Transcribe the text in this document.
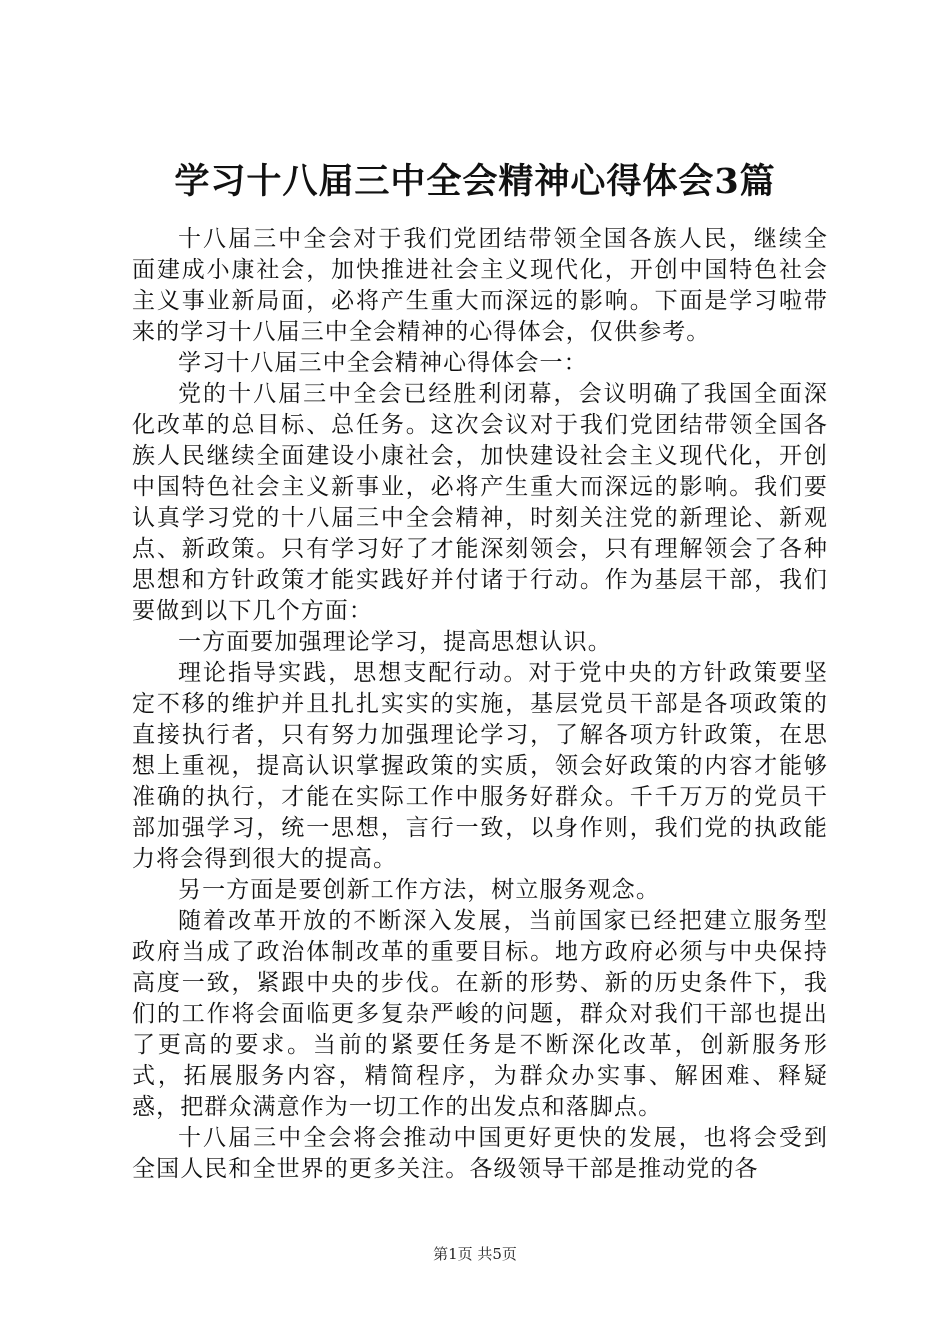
学习十八届三中全会精神心得体会3篇

十八届三中全会对于我们党团结带领全国各族人民，继续全面建成小康社会，加快推进社会主义现代化，开创中国特色社会主义事业新局面，必将产生重大而深远的影响。下面是学习啦带来的学习十八届三中全会精神的心得体会，仅供参考。

学习十八届三中全会精神心得体会一：

党的十八届三中全会已经胜利闭幕，会议明确了我国全面深化改革的总目标、总任务。这次会议对于我们党团结带领全国各族人民继续全面建设小康社会，加快建设社会主义现代化，开创中国特色社会主义新事业，必将产生重大而深远的影响。我们要认真学习党的十八届三中全会精神，时刻关注党的新理论、新观点、新政策。只有学习好了才能深刻领会，只有理解领会了各种思想和方针政策才能实践好并付诸于行动。作为基层干部，我们要做到以下几个方面：

一方面要加强理论学习，提高思想认识。

理论指导实践，思想支配行动。对于党中央的方针政策要坚定不移的维护并且扎扎实实的实施，基层党员干部是各项政策的直接执行者，只有努力加强理论学习，了解各项方针政策，在思想上重视，提高认识掌握政策的实质，领会好政策的内容才能够准确的执行，才能在实际工作中服务好群众。千千万万的党员干部加强学习，统一思想，言行一致，以身作则，我们党的执政能力将会得到很大的提高。

另一方面是要创新工作方法，树立服务观念。

随着改革开放的不断深入发展，当前国家已经把建立服务型政府当成了政治体制改革的重要目标。地方政府必须与中央保持高度一致，紧跟中央的步伐。在新的形势、新的历史条件下，我们的工作将会面临更多复杂严峻的问题，群众对我们干部也提出了更高的要求。当前的紧要任务是不断深化改革，创新服务形式，拓展服务内容，精简程序，为群众办实事、解困难、释疑惑，把群众满意作为一切工作的出发点和落脚点。

十八届三中全会将会推动中国更好更快的发展，也将会受到全国人民和全世界的更多关注。各级领导干部是推动党的各

第1页 共5页
